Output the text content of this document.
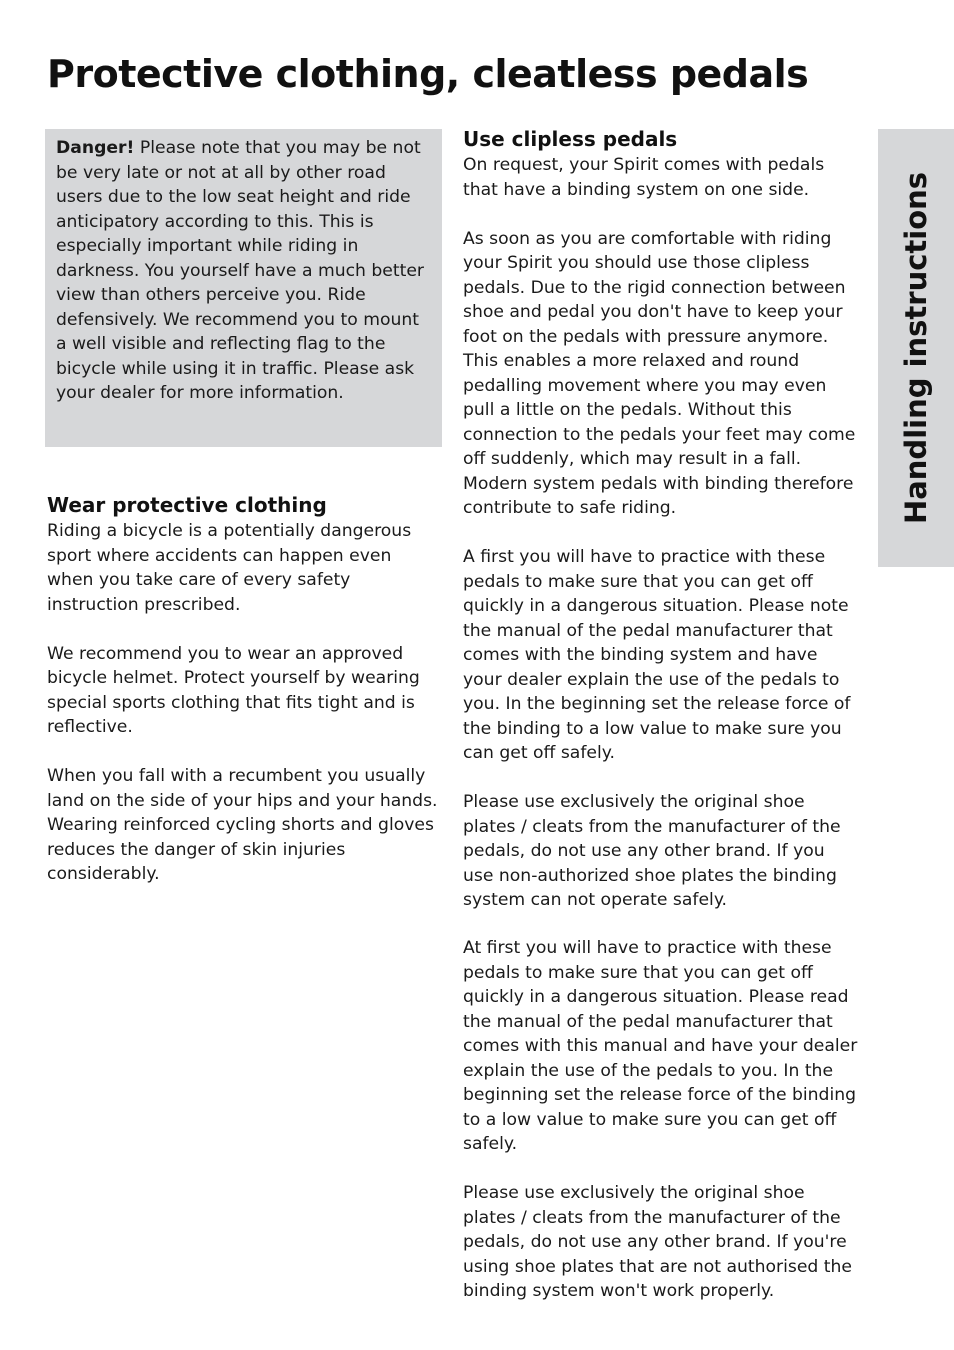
Protective clothing, cleatless pedals

Danger! Please note that you may be not be very late or not at all by other road users due to the low seat height and ride anticipatory according to this. This is especially important while riding in darkness. You yourself have a much better view than others perceive you. Ride defensively. We recommend you to mount a well visible and reflecting flag to the bicycle while using it in traffic. Please ask your dealer for more information.

Wear protective clothing

Riding a bicycle is a potentially dangerous sport where accidents can happen even when you take care of every safety instruction prescribed.

We recommend you to wear an approved bicycle helmet. Protect yourself by wearing special sports clothing that fits tight and is reflective.

When you fall with a recumbent you usually land on the side of your hips and your hands. Wearing reinforced cycling shorts and gloves reduces the danger of skin injuries considerably.

Use clipless pedals

On request, your Spirit comes with pedals that have a binding system on one side.

As soon as you are comfortable with riding your Spirit you should use those clipless pedals. Due to the rigid connection between shoe and pedal you don't have to keep your foot on the pedals with pressure anymore. This enables a more relaxed and round pedalling movement where you may even pull a little on the pedals. Without this connection to the pedals your feet may come off suddenly, which may result in a fall. Modern system pedals with binding therefore contribute to safe riding.

A first you will have to practice with these pedals to make sure that you can get off quickly in a dangerous situation. Please note the manual of the pedal manufacturer that comes with the binding system and have your dealer explain the use of the pedals to you. In the beginning set the release force of the binding to a low value to make sure you can get off safely.

Please use exclusively the original shoe plates / cleats from the manufacturer of the pedals, do not use any other brand. If you use non-authorized shoe plates the binding system can not operate safely.

At first you will have to practice with these pedals to make sure that you can get off quickly in a dangerous situation. Please read the manual of the pedal manufacturer that comes with this manual and have your dealer explain the use of the pedals to you. In the beginning set the release force of the binding to a low value to make sure you can get off safely.

Please use exclusively the original shoe plates / cleats from the manufacturer of the pedals, do not use any other brand. If you're using shoe plates that are not authorised the binding system won't work properly.

Handling instructions
